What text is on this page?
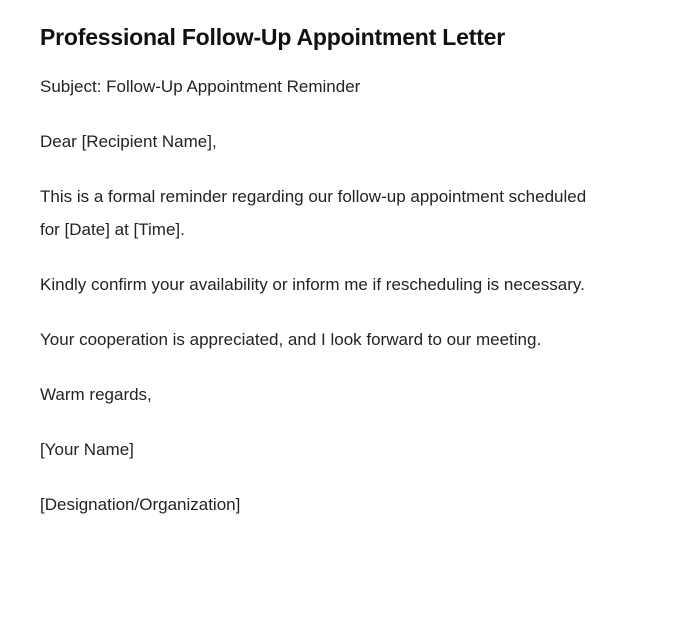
Professional Follow-Up Appointment Letter

Subject: Follow-Up Appointment Reminder

Dear [Recipient Name],

This is a formal reminder regarding our follow-up appointment scheduled for [Date] at [Time].

Kindly confirm your availability or inform me if rescheduling is necessary.

Your cooperation is appreciated, and I look forward to our meeting.

Warm regards,

[Your Name]

[Designation/Organization]
